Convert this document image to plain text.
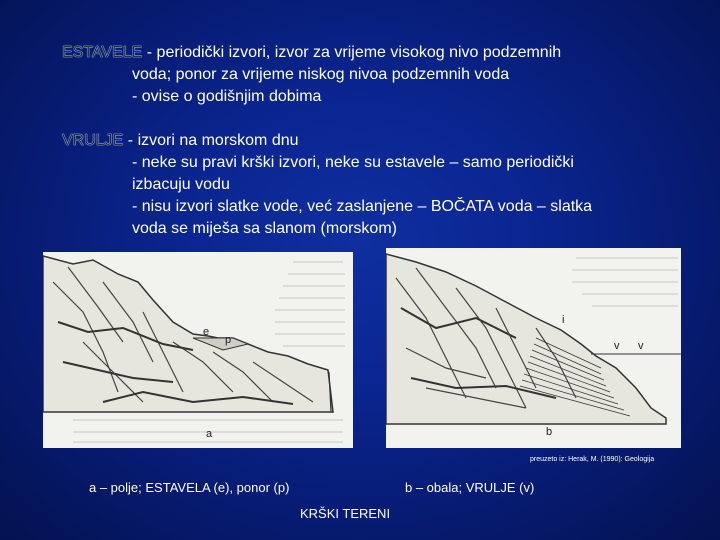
ESTAVELE - periodički izvori, izvor za vrijeme visokog nivo podzemnih
voda; ponor za vrijeme niskog nivoa podzemnih voda
- ovise o godišnjim dobima
VRULJE - izvori na morskom dnu
- neke su pravi krški izvori, neke su estavele – samo periodički
izbacuju vodu
- nisu izvori slatke vode, već zaslanjene – BOČATA voda – slatka
voda se miješa sa slanom (morskom)
e
p
a
i
v v
b
preuzeto iz: Herak, M. (1990): Geologija
a – polje; ESTAVELA (e), ponor (p)	b – obala; VRULJE (v)
KRŠKI TERENI
